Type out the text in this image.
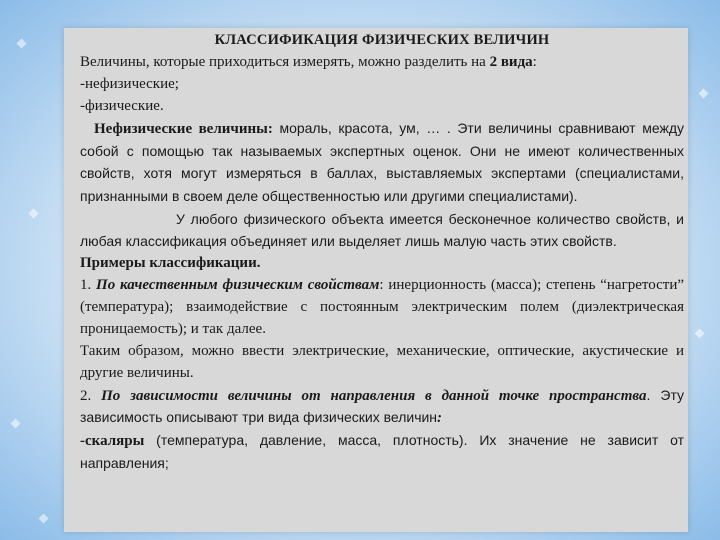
КЛАССИФИКАЦИЯ ФИЗИЧЕСКИХ ВЕЛИЧИН

Величины, которые приходиться измерять, можно разделить на 2 вида:

-нефизические;

-физические.

Нефизические величины: мораль, красота, ум, … . Эти величины сравнивают между собой с помощью так называемых экспертных оценок. Они не имеют количественных свойств, хотя могут измеряться в баллах, выставляемых экспертами (специалистами, признанными в своем деле общественностью или другими специалистами).

У любого физического объекта имеется бесконечное количество свойств, и любая классификация объединяет или выделяет лишь малую часть этих свойств.

Примеры классификации.

1. По качественным физическим свойствам: инерционность (масса); степень “нагретости” (температура); взаимодействие с постоянным электрическим полем (диэлектрическая проницаемость); и так далее.

Таким образом, можно ввести электрические, механические, оптические, акустические и другие величины.

2. По зависимости величины от направления в данной точке пространства. Эту зависимость описывают три вида физических величин:

-скаляры (температура, давление, масса, плотность). Их значение не зависит от направления;
